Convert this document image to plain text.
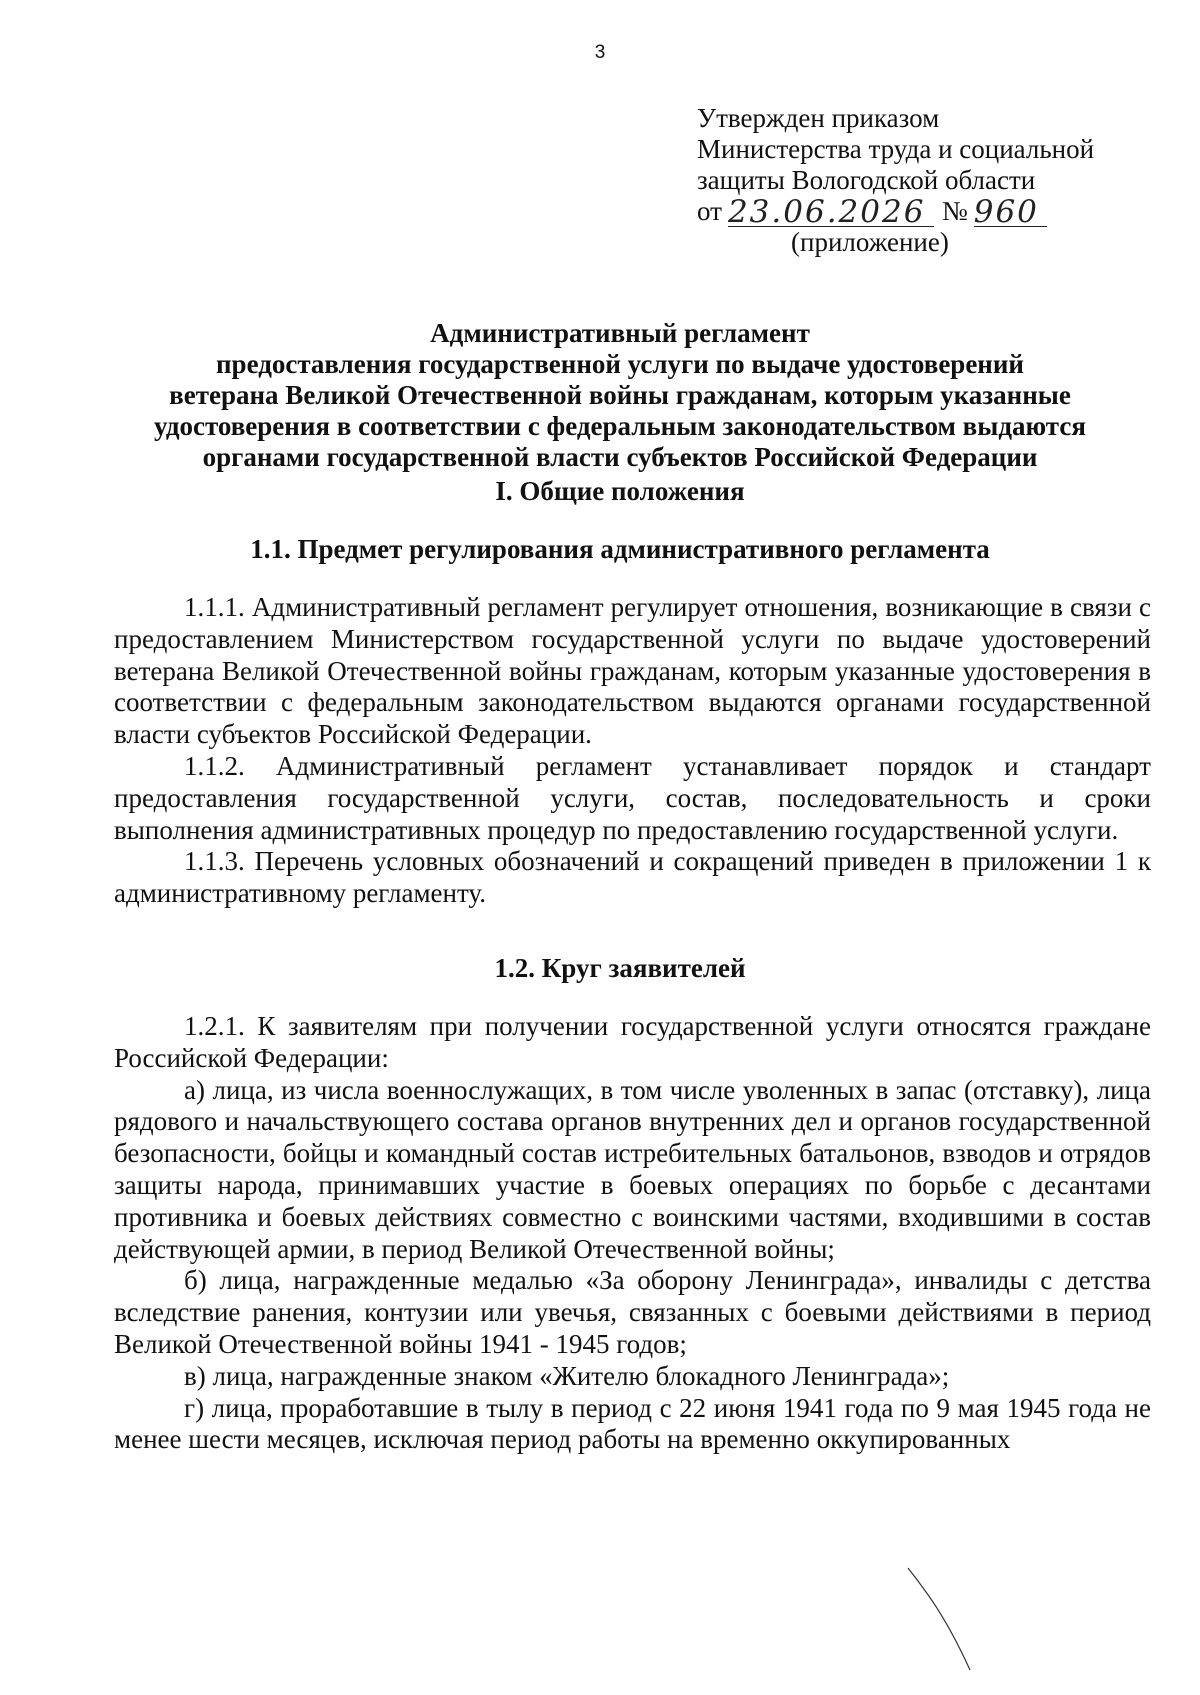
3
Утвержден приказом
Министерства труда и социальной
защиты Вологодской области
от 23.06.2026 № 960
(приложение)
Административный регламент
предоставления государственной услуги по выдаче удостоверений
ветерана Великой Отечественной войны гражданам, которым указанные
удостоверения в соответствии с федеральным законодательством выдаются
органами государственной власти субъектов Российской Федерации
I. Общие положения
1.1. Предмет регулирования административного регламента

1.1.1. Административный регламент регулирует отношения, возникающие в связи с предоставлением Министерством государственной услуги по выдаче удостоверений ветерана Великой Отечественной войны гражданам, которым указанные удостоверения в соответствии с федеральным законодательством выдаются органами государственной власти субъектов Российской Федерации.

1.1.2. Административный регламент устанавливает порядок и стандарт предоставления государственной услуги, состав, последовательность и сроки выполнения административных процедур по предоставлению государственной услуги.

1.1.3. Перечень условных обозначений и сокращений приведен в приложении 1 к административному регламенту.

1.2. Круг заявителей

1.2.1. К заявителям при получении государственной услуги относятся граждане Российской Федерации:

а) лица, из числа военнослужащих, в том числе уволенных в запас (отставку), лица рядового и начальствующего состава органов внутренних дел и органов государственной безопасности, бойцы и командный состав истребительных батальонов, взводов и отрядов защиты народа, принимавших участие в боевых операциях по борьбе с десантами противника и боевых действиях совместно с воинскими частями, входившими в состав действующей армии, в период Великой Отечественной войны;

б) лица, награжденные медалью «За оборону Ленинграда», инвалиды с детства вследствие ранения, контузии или увечья, связанных с боевыми действиями в период Великой Отечественной войны 1941 - 1945 годов;

в) лица, награжденные знаком «Жителю блокадного Ленинграда»;

г) лица, проработавшие в тылу в период с 22 июня 1941 года по 9 мая 1945 года не менее шести месяцев, исключая период работы на временно оккупированных
